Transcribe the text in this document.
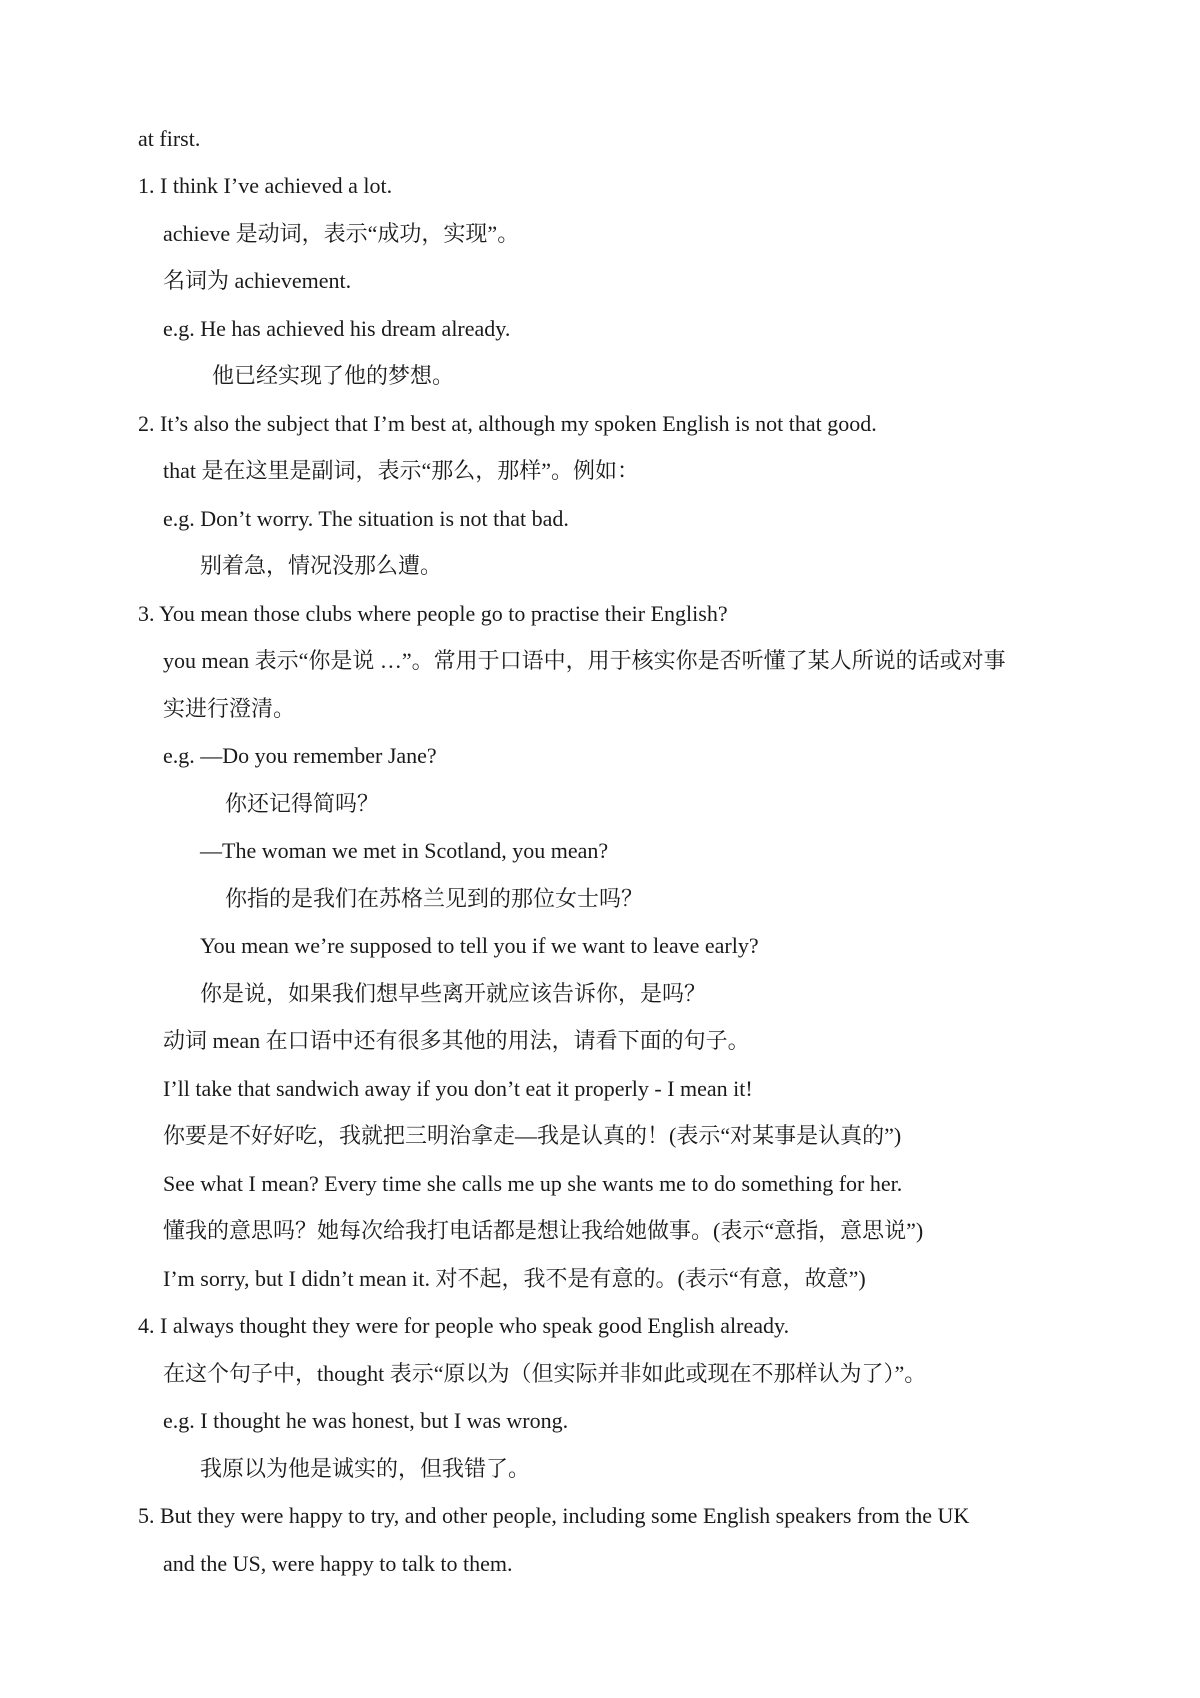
at first.
1. I think I’ve achieved a lot.
achieve 是动词，表示“成功，实现”。
名词为 achievement.
e.g. He has achieved his dream already.
他已经实现了他的梦想。
2. It’s also the subject that I’m best at, although my spoken English is not that good.
that 是在这里是副词，表示“那么，那样”。例如：
e.g. Don’t worry. The situation is not that bad.
别着急，情况没那么遭。
3. You mean those clubs where people go to practise their English?
you mean 表示“你是说 …”。常用于口语中，用于核实你是否听懂了某人所说的话或对事
实进行澄清。
e.g. —Do you remember Jane?
你还记得简吗？
—The woman we met in Scotland, you mean?
你指的是我们在苏格兰见到的那位女士吗？
You mean we’re supposed to tell you if we want to leave early?
你是说，如果我们想早些离开就应该告诉你，是吗？
动词 mean 在口语中还有很多其他的用法，请看下面的句子。
I’ll take that sandwich away if you don’t eat it properly - I mean it!
你要是不好好吃，我就把三明治拿走—我是认真的！(表示“对某事是认真的”)
See what I mean? Every time she calls me up she wants me to do something for her.
懂我的意思吗？她每次给我打电话都是想让我给她做事。(表示“意指，意思说”)
I’m sorry, but I didn’t mean it. 对不起，我不是有意的。(表示“有意，故意”)
4. I always thought they were for people who speak good English already.
在这个句子中，thought 表示“原以为（但实际并非如此或现在不那样认为了）”。
e.g. I thought he was honest, but I was wrong.
我原以为他是诚实的，但我错了。
5. But they were happy to try, and other people, including some English speakers from the UK
and the US, were happy to talk to them.
